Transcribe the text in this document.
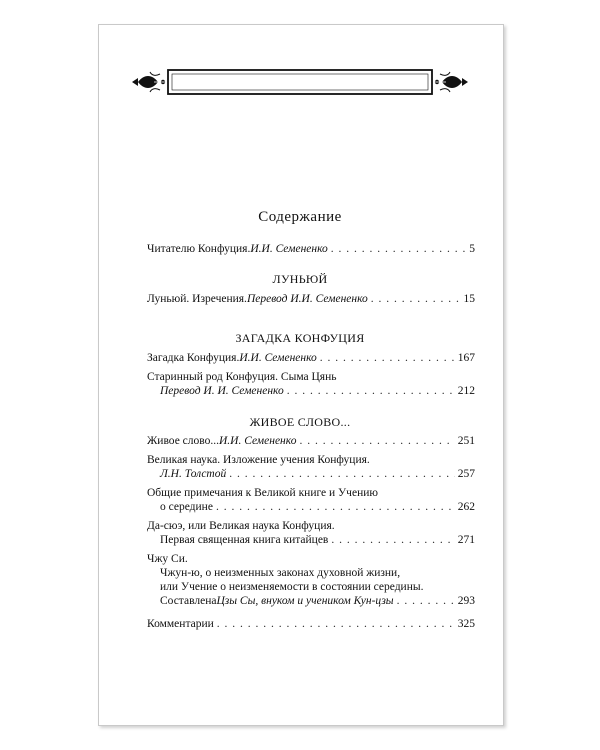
Содержание
Читателю Конфуция. И.И. Семененко . . .	5
ЛУНЬЮЙ
Луньюй. Изречения. Перевод И.И. Семененко . . .	15
ЗАГАДКА КОНФУЦИЯ
Загадка Конфуция. И.И. Семененко . . .	167
Старинный род Конфуция. Сыма Цянь
Перевод И. И. Семененко . . .	212
ЖИВОЕ СЛОВО...
Живое слово... И.И. Семененко . . .	251
Великая наука. Изложение учения Конфуция.
Л.Н. Толстой . . .	257
Общие примечания к Великой книге и Учению
о середине . . .	262
Да-сюэ, или Великая наука Конфуция.
Первая священная книга китайцев . . .	271
Чжу Си.
Чжун-ю, о неизменных законах духовной жизни,
или Учение о неизменяемости в состоянии середины.
Составлена Цзы Сы, внуком и учеником Кун-цзы . . .	293
Комментарии . . .	325
